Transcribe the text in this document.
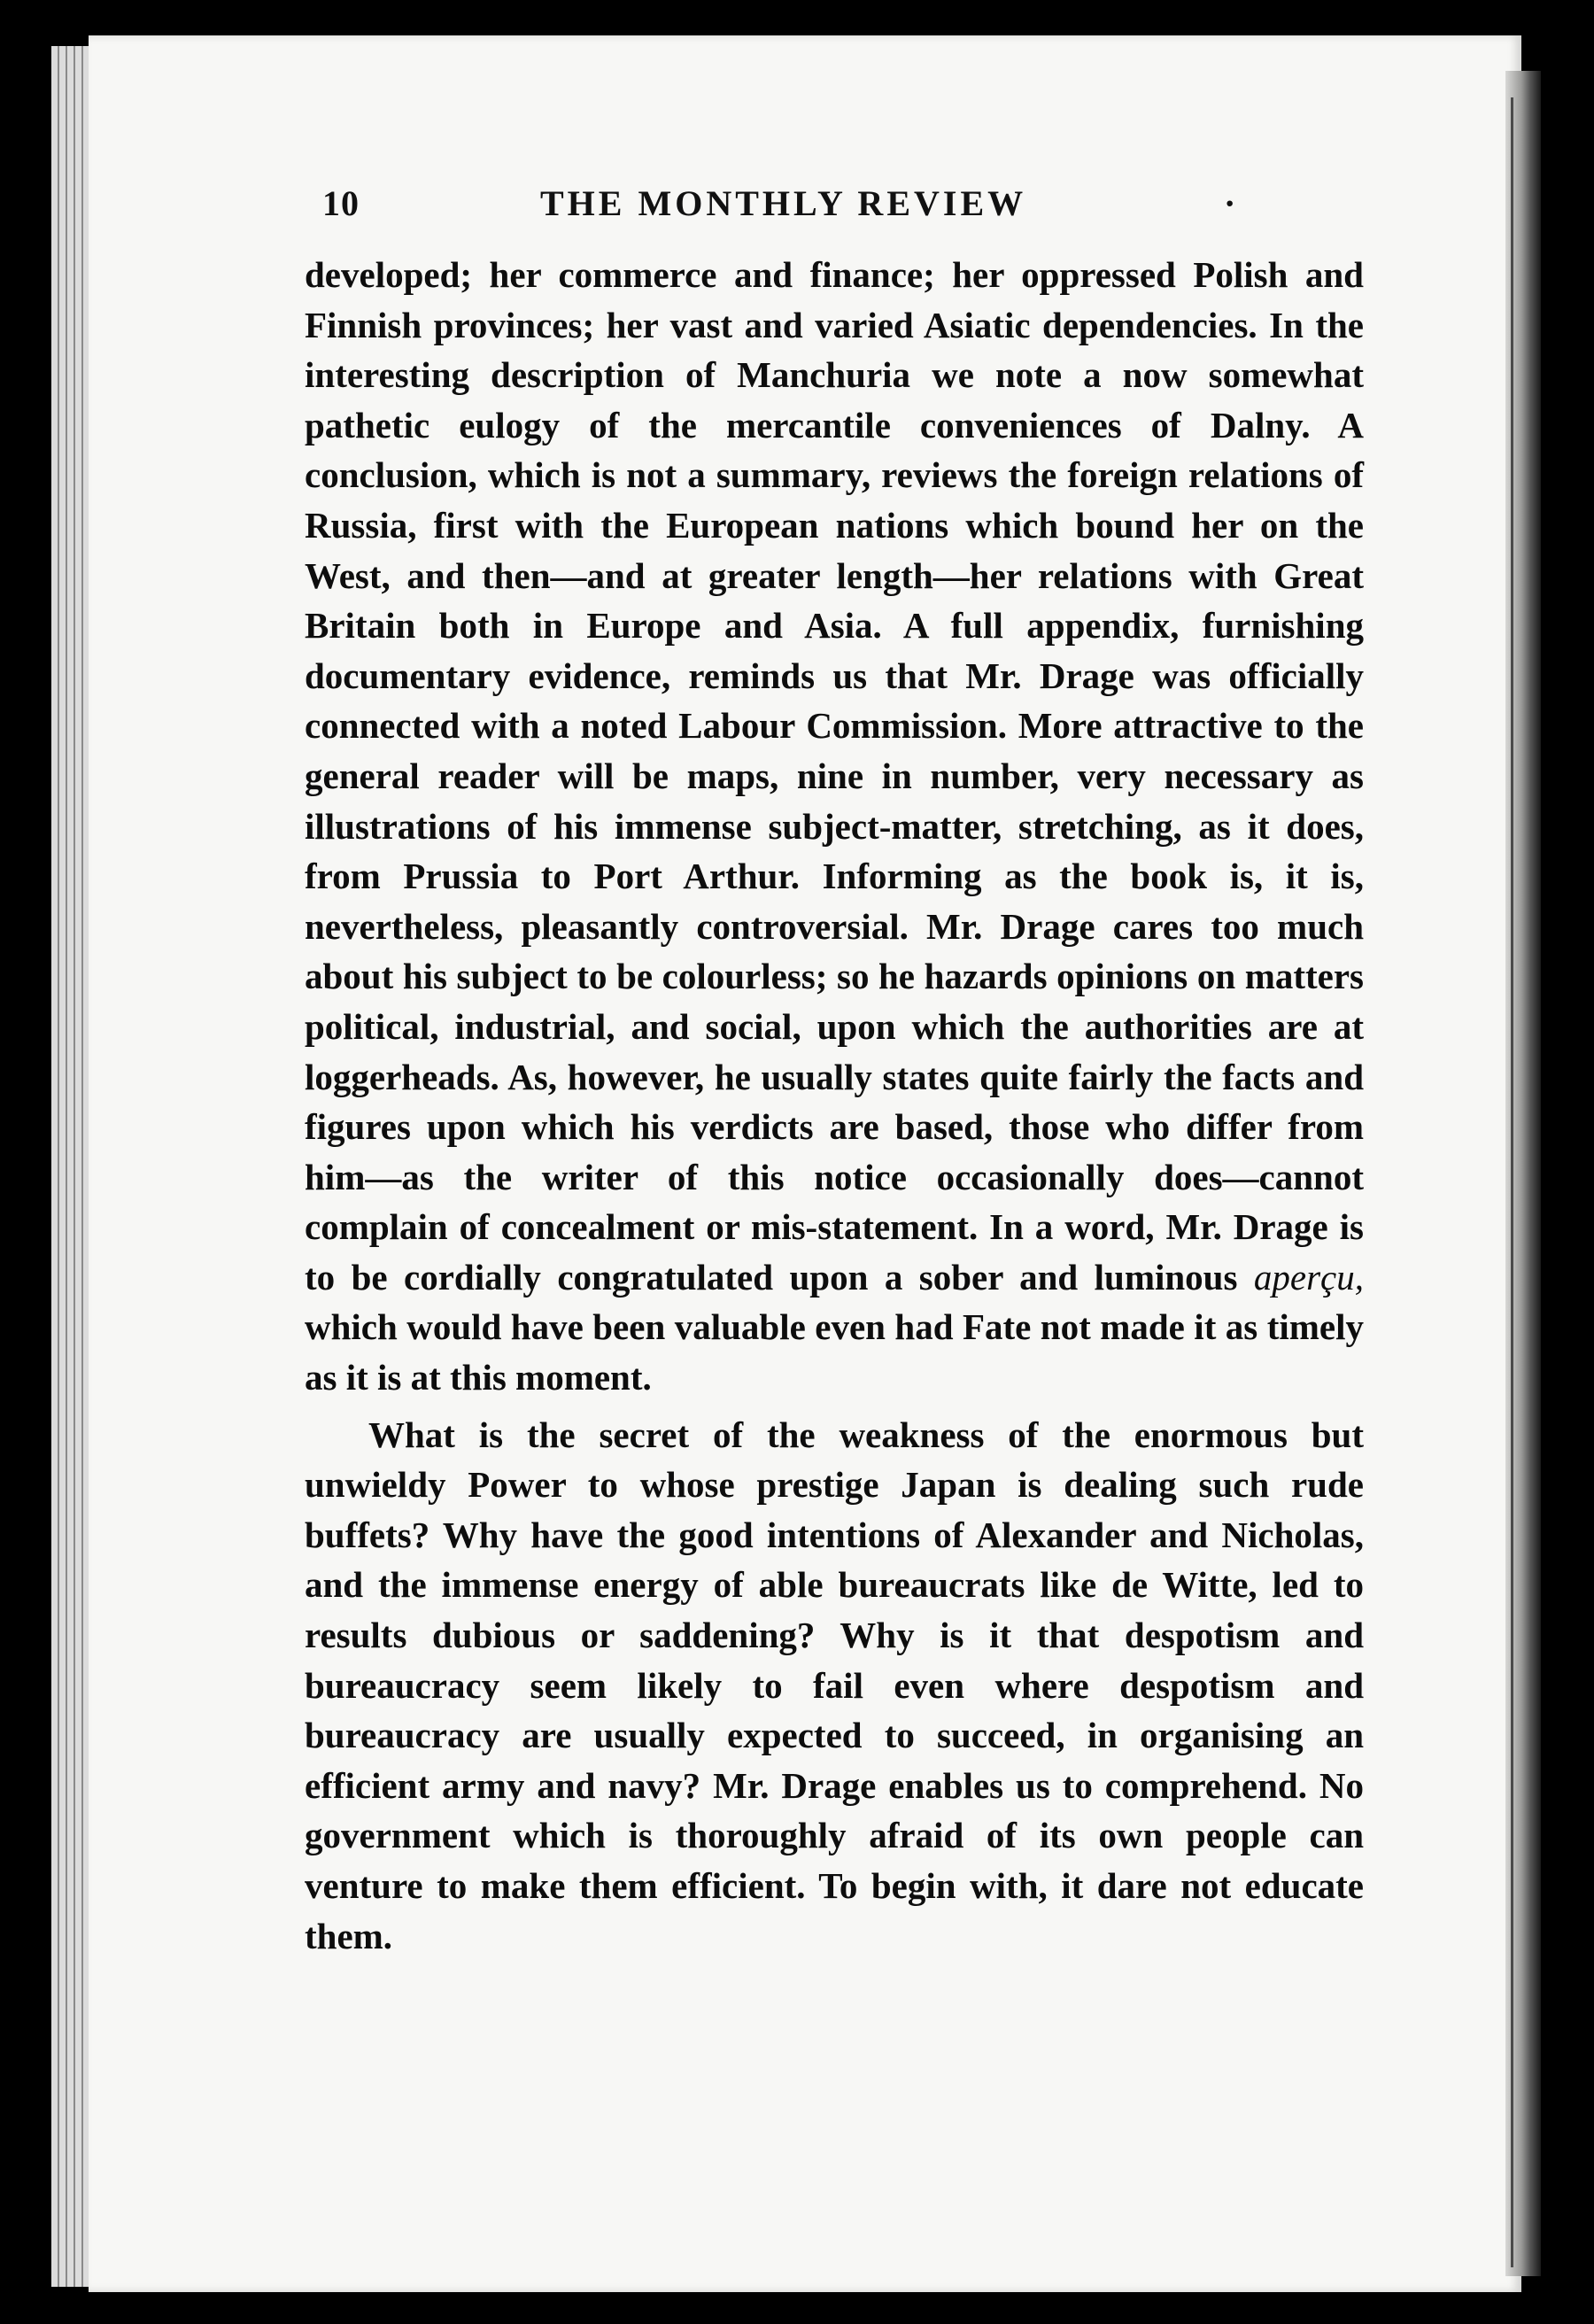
10	THE MONTHLY REVIEW	·

developed; her commerce and finance; her oppressed Polish and Finnish provinces; her vast and varied Asiatic dependencies. In the interesting description of Manchuria we note a now somewhat pathetic eulogy of the mercantile conveniences of Dalny. A conclusion, which is not a summary, reviews the foreign relations of Russia, first with the European nations which bound her on the West, and then—and at greater length—her relations with Great Britain both in Europe and Asia. A full appendix, furnishing documentary evidence, reminds us that Mr. Drage was officially connected with a noted Labour Commission. More attractive to the general reader will be maps, nine in number, very necessary as illustrations of his immense subject-matter, stretching, as it does, from Prussia to Port Arthur. Informing as the book is, it is, nevertheless, pleasantly controversial. Mr. Drage cares too much about his subject to be colourless; so he hazards opinions on matters political, industrial, and social, upon which the authorities are at loggerheads. As, however, he usually states quite fairly the facts and figures upon which his verdicts are based, those who differ from him—as the writer of this notice occasionally does—cannot complain of concealment or mis-statement. In a word, Mr. Drage is to be cordially congratulated upon a sober and luminous aperçu, which would have been valuable even had Fate not made it as timely as it is at this moment.

What is the secret of the weakness of the enormous but unwieldy Power to whose prestige Japan is dealing such rude buffets? Why have the good intentions of Alexander and Nicholas, and the immense energy of able bureaucrats like de Witte, led to results dubious or saddening? Why is it that despotism and bureaucracy seem likely to fail even where despotism and bureaucracy are usually expected to succeed, in organising an efficient army and navy? Mr. Drage enables us to comprehend. No government which is thoroughly afraid of its own people can venture to make them efficient. To begin with, it dare not educate them.
